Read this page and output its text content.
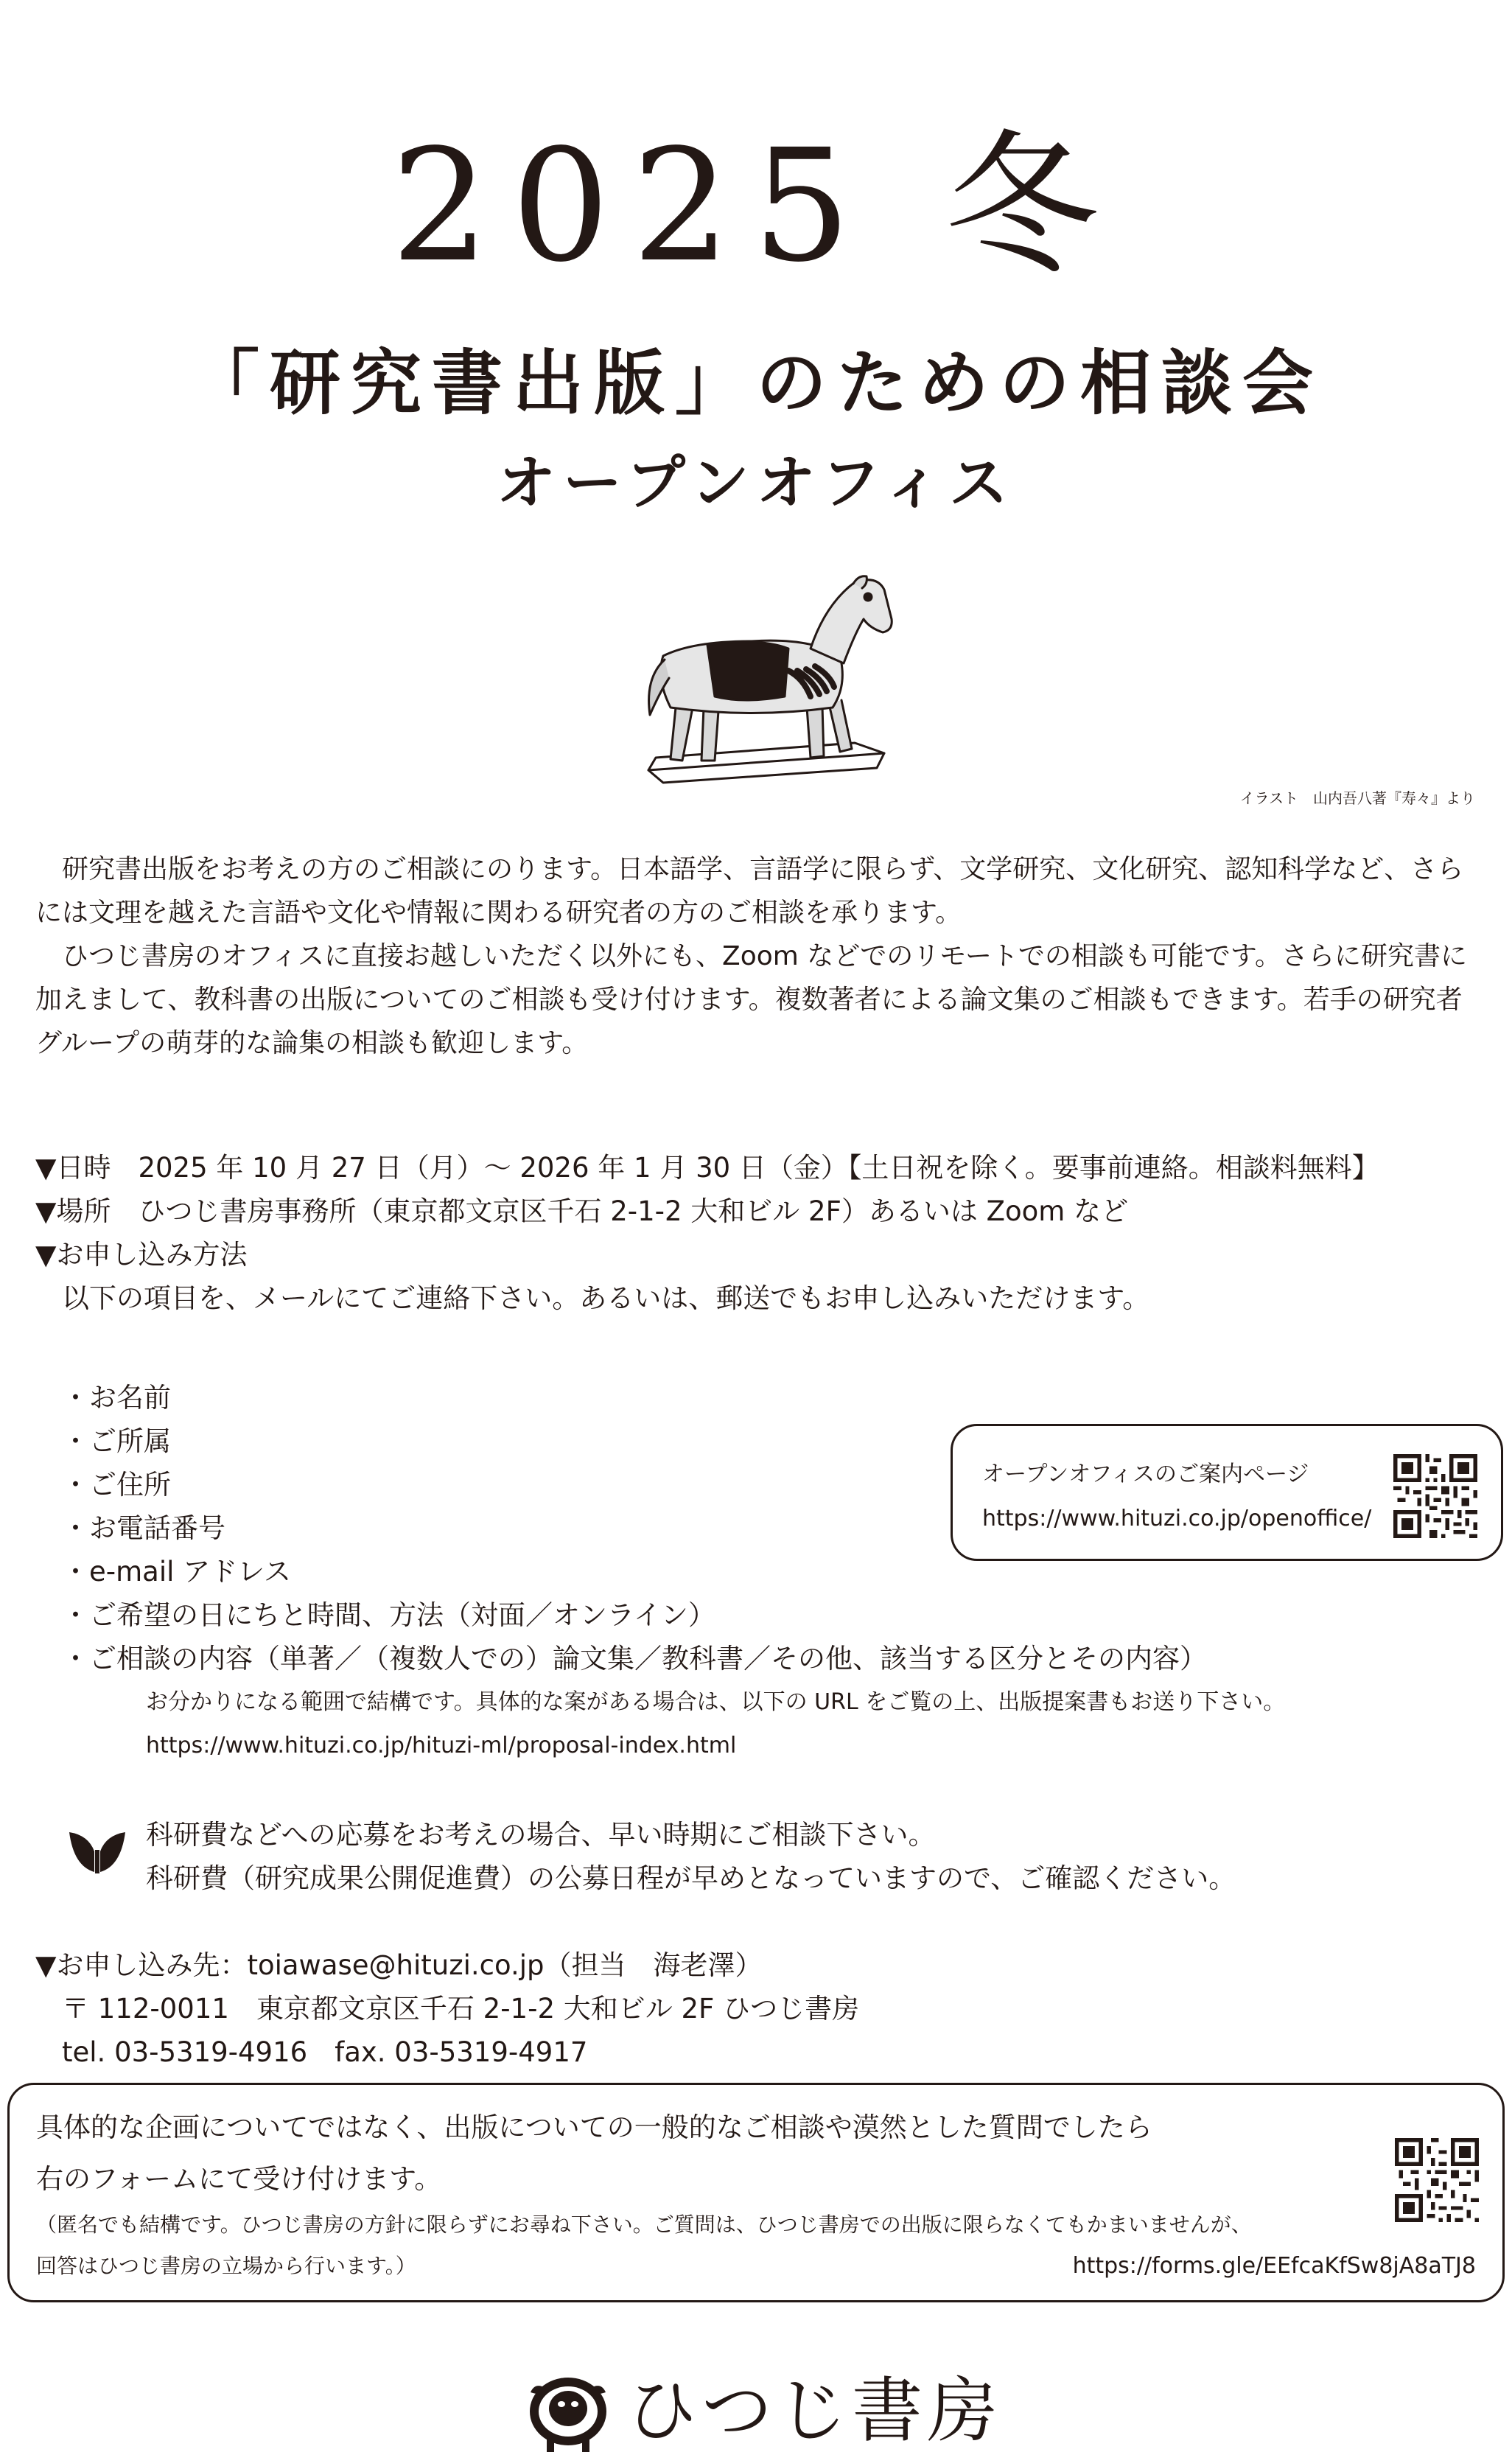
2025 冬
「研究書出版」のための相談会
オープンオフィス
イラスト　山内吾八著『寿々』より

研究書出版をお考えの方のご相談にのります。日本語学、言語学に限らず、文学研究、文化研究、認知科学など、さらには文理を越えた言語や文化や情報に関わる研究者の方のご相談を承ります。

ひつじ書房のオフィスに直接お越しいただく以外にも、Zoom などでのリモートでの相談も可能です。さらに研究書に加えまして、教科書の出版についてのご相談も受け付けます。複数著者による論文集のご相談もできます。若手の研究者グループの萌芽的な論集の相談も歓迎します。

▼日時　2025 年 10 月 27 日（月）～ 2026 年 1 月 30 日（金）【土日祝を除く。要事前連絡。相談料無料】
▼場所　ひつじ書房事務所（東京都文京区千石 2-1-2 大和ビル 2F）あるいは Zoom など
▼お申し込み方法
以下の項目を、メールにてご連絡下さい。あるいは、郵送でもお申し込みいただけます。
・お名前
・ご所属
・ご住所
・お電話番号
・e-mail アドレス
・ご希望の日にちと時間、方法（対面／オンライン）
・ご相談の内容（単著／（複数人での）論文集／教科書／その他、該当する区分とその内容）
お分かりになる範囲で結構です。具体的な案がある場合は、以下の URL をご覧の上、出版提案書もお送り下さい。
https://www.hituzi.co.jp/hituzi-ml/proposal-index.html
オープンオフィスのご案内ページ
https://www.hituzi.co.jp/openoffice/
科研費などへの応募をお考えの場合、早い時期にご相談下さい。
科研費（研究成果公開促進費）の公募日程が早めとなっていますので、ご確認ください。
▼お申し込み先：toiawase@hituzi.co.jp（担当　海老澤）
〒 112-0011　東京都文京区千石 2-1-2 大和ビル 2F ひつじ書房
tel. 03-5319-4916　fax. 03-5319-4917
具体的な企画についてではなく、出版についての一般的なご相談や漠然とした質問でしたら
右のフォームにて受け付けます。
（匿名でも結構です。ひつじ書房の方針に限らずにお尋ね下さい。ご質問は、ひつじ書房での出版に限らなくてもかまいませんが、
回答はひつじ書房の立場から行います。）	https://forms.gle/EEfcaKfSw8jA8aTJ8
ひつじ書房
